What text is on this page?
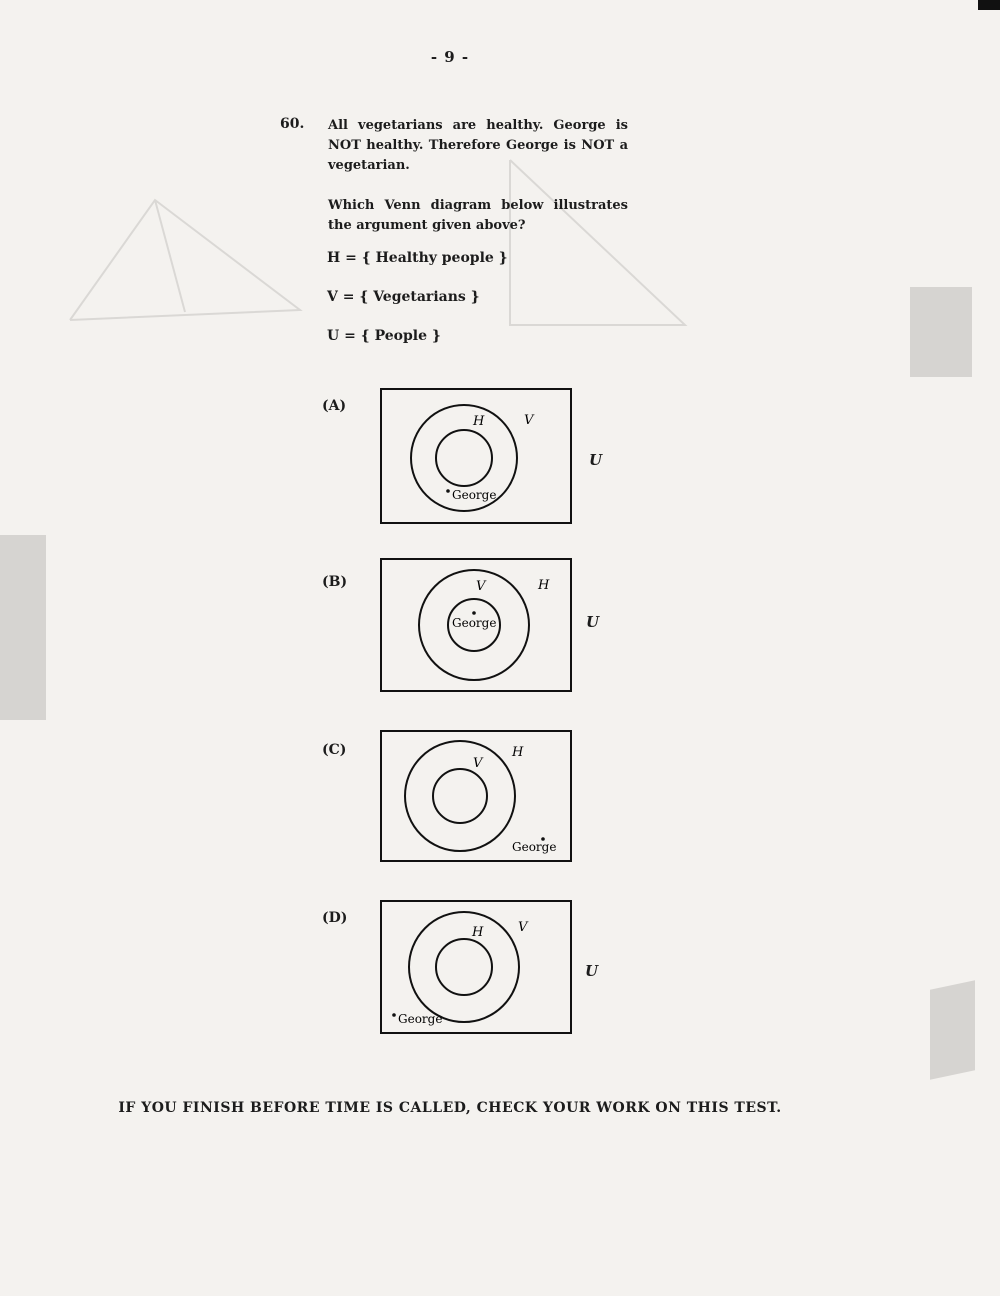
- 9 -
60. All vegetarians are healthy. George is NOT healthy. Therefore George is NOT a vegetarian.

Which Venn diagram below illustrates the argument given above?

H = { Healthy people }
V = { Vegetarians }
U = { People }
(A)
H	V
George
U
(B)	V	H
George	U
(C)
V
H
George
(D)
H	V
George
U
IF YOU FINISH BEFORE TIME IS CALLED, CHECK YOUR WORK ON THIS TEST.
